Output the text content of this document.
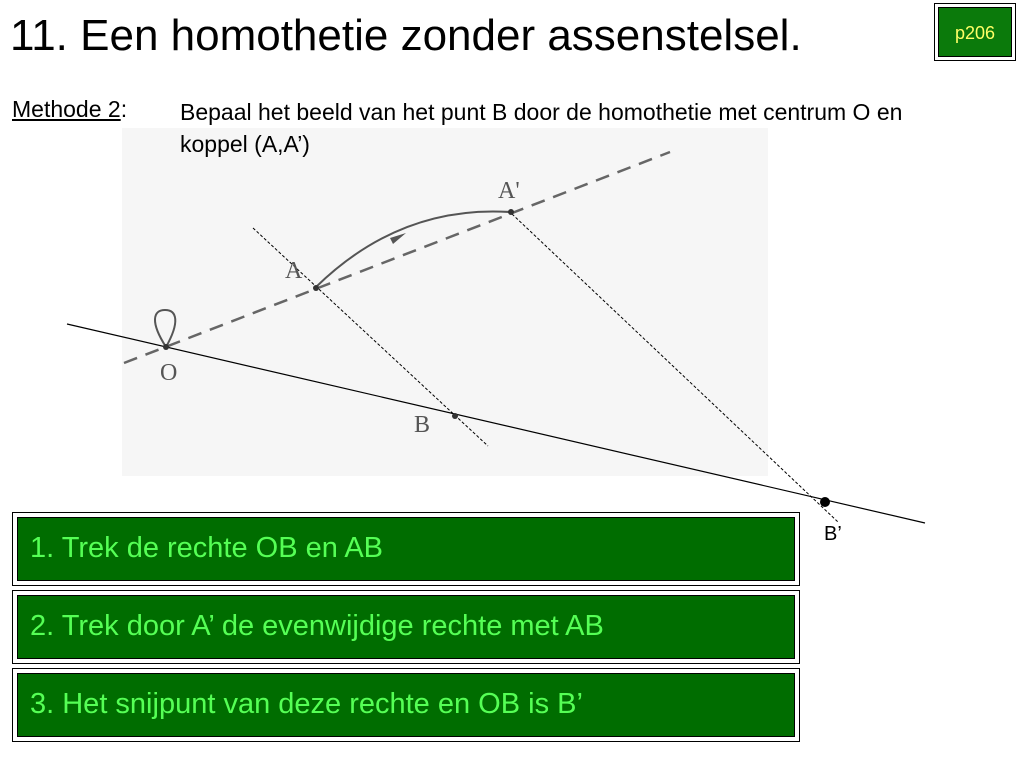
11. Een homothetie zonder assenstelsel.	p206
Methode 2:
O
A
A'
B
B’
Bepaal het beeld van het punt B door de homothetie met centrum O en koppel (A,A’)
1. Trek de rechte OB en AB
2. Trek door A’ de evenwijdige rechte met AB
3. Het snijpunt van deze rechte en OB is B’
